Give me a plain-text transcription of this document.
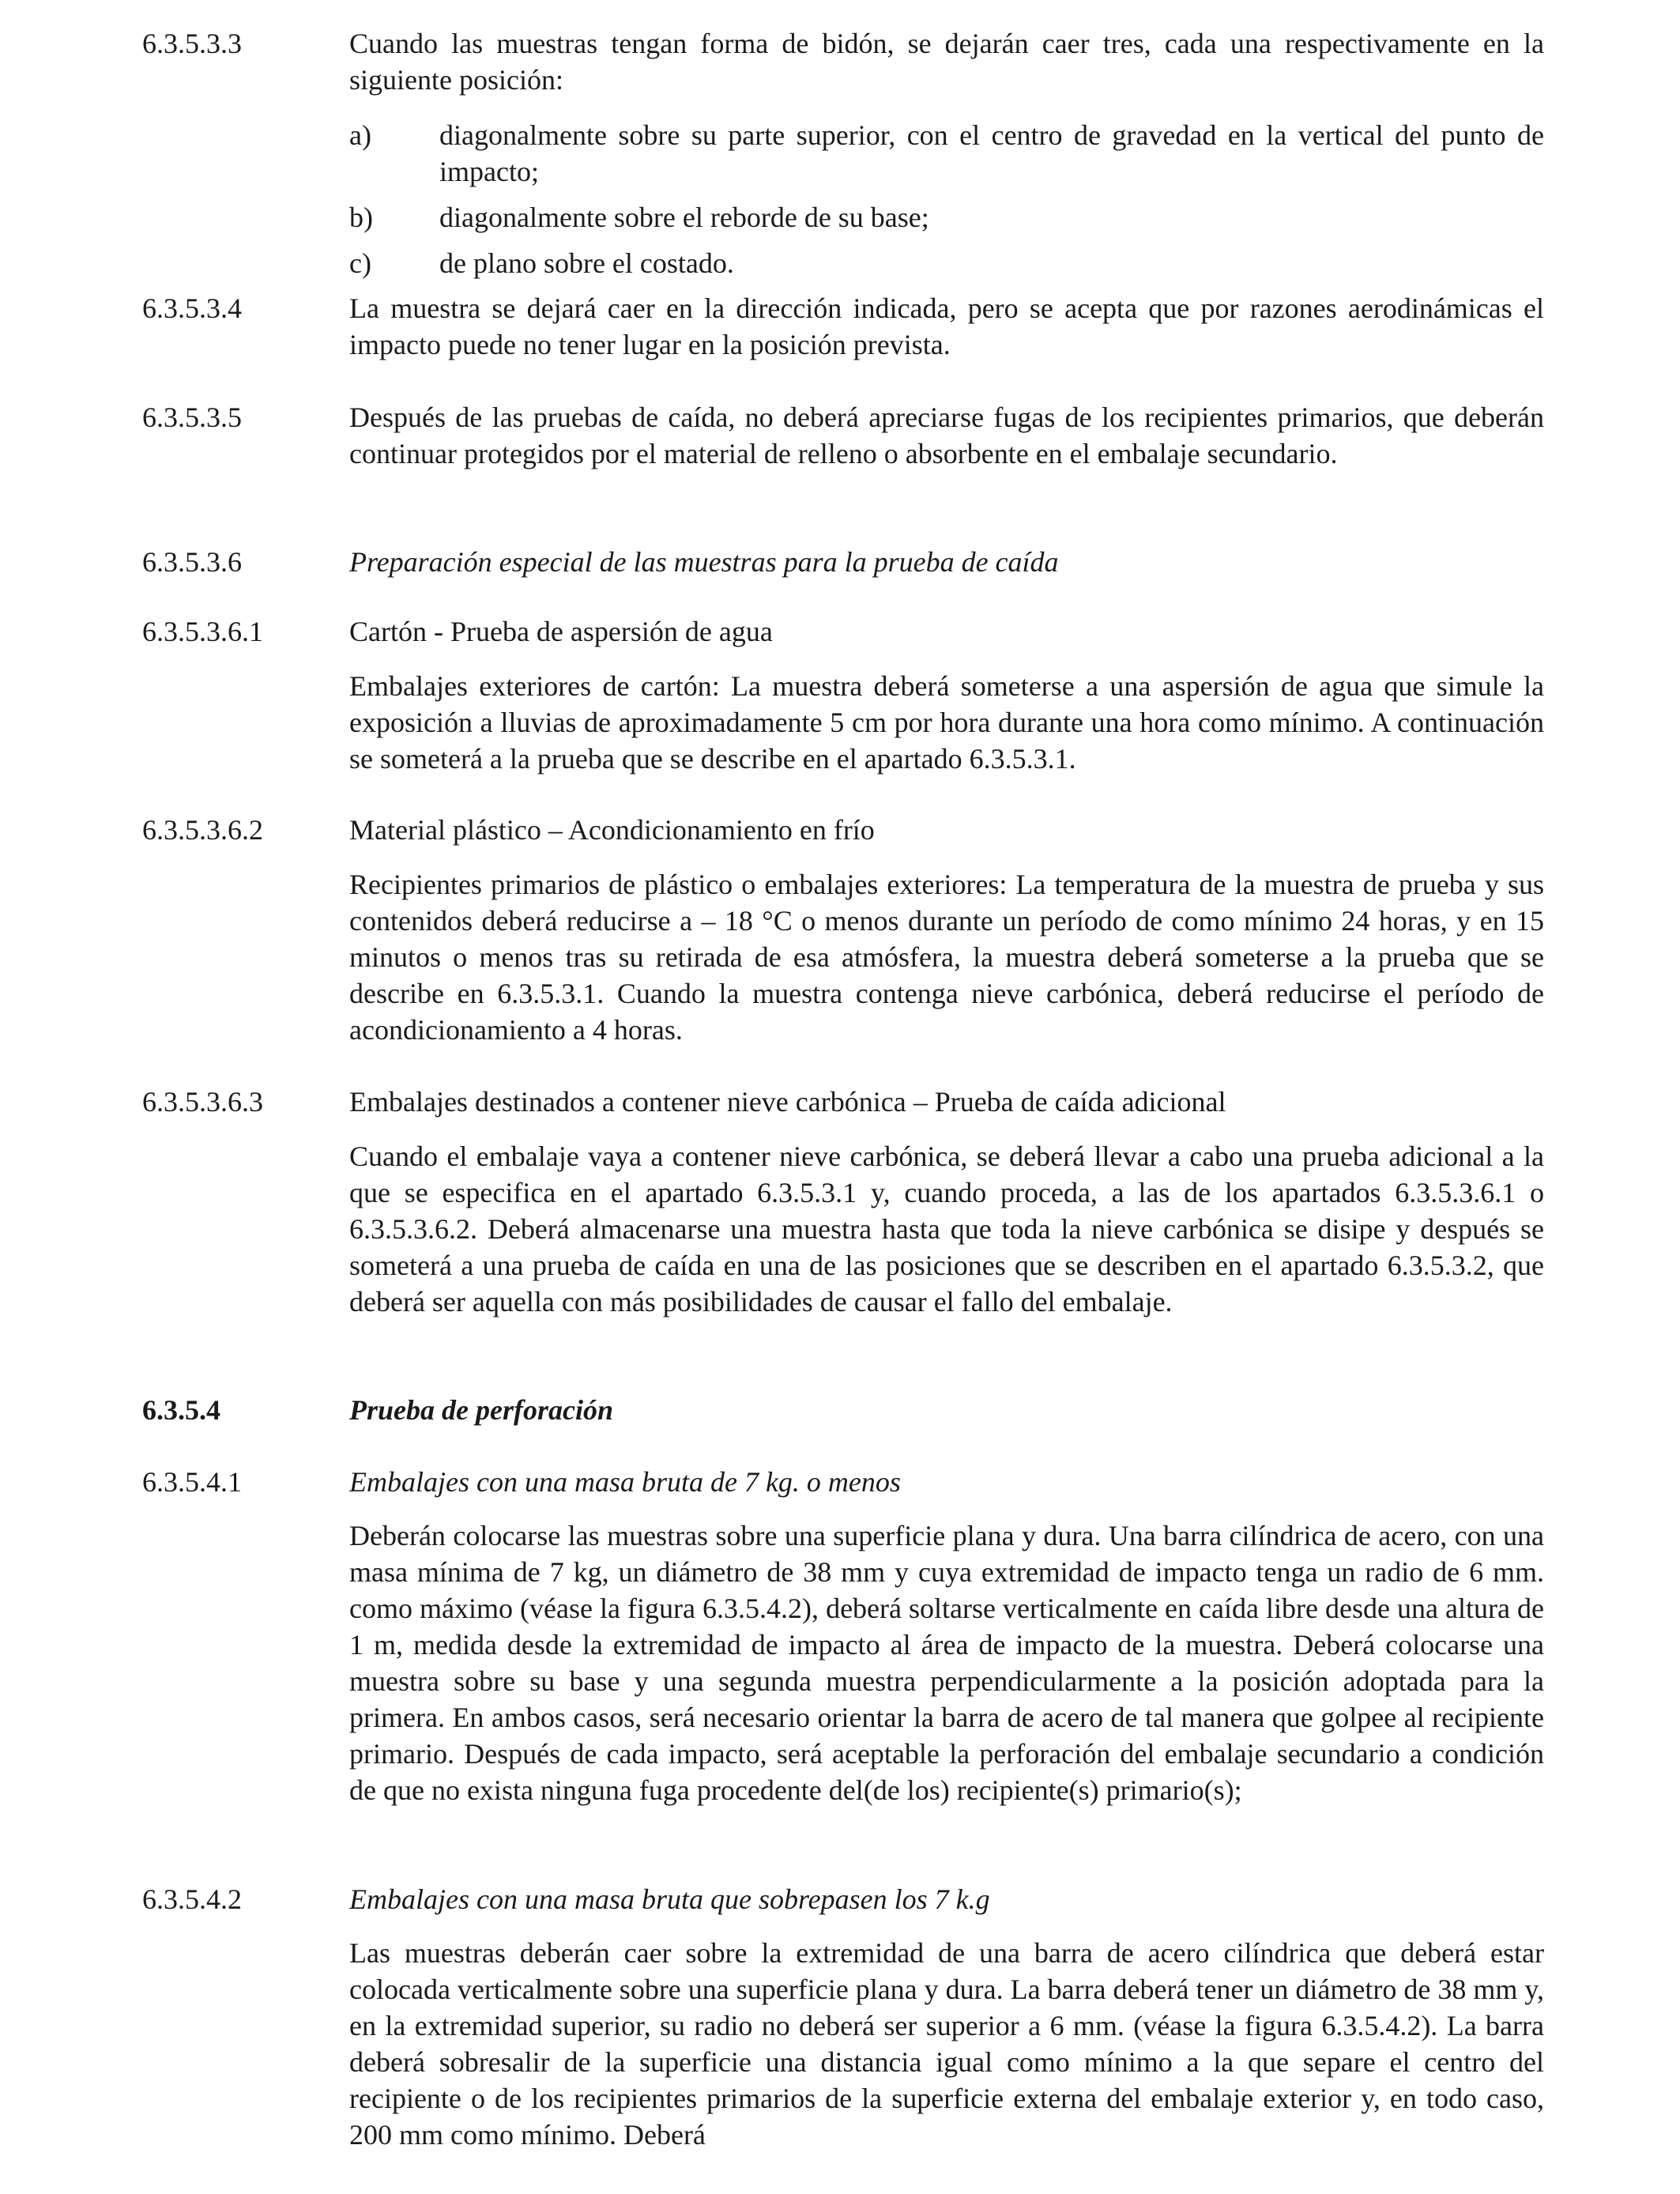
6.3.5.3.3	Cuando las muestras tengan forma de bidón, se dejarán caer tres, cada una respectivamente en la siguiente posición:
a) diagonalmente sobre su parte superior, con el centro de gravedad en la vertical del punto de impacto;
b) diagonalmente sobre el reborde de su base;
c) de plano sobre el costado.
6.3.5.3.4	La muestra se dejará caer en la dirección indicada, pero se acepta que por razones aerodinámicas el impacto puede no tener lugar en la posición prevista.
6.3.5.3.5	Después de las pruebas de caída, no deberá apreciarse fugas de los recipientes primarios, que deberán continuar protegidos por el material de relleno o absorbente en el embalaje secundario.
6.3.5.3.6	Preparación especial de las muestras para la prueba de caída
6.3.5.3.6.1	Cartón - Prueba de aspersión de agua
Embalajes exteriores de cartón: La muestra deberá someterse a una aspersión de agua que simule la exposición a lluvias de aproximadamente 5 cm por hora durante una hora como mínimo. A continuación se someterá a la prueba que se describe en el apartado 6.3.5.3.1.
6.3.5.3.6.2	Material plástico – Acondicionamiento en frío
Recipientes primarios de plástico o embalajes exteriores: La temperatura de la muestra de prueba y sus contenidos deberá reducirse a – 18 °C o menos durante un período de como mínimo 24 horas, y en 15 minutos o menos tras su retirada de esa atmósfera, la muestra deberá someterse a la prueba que se describe en 6.3.5.3.1. Cuando la muestra contenga nieve carbónica, deberá reducirse el período de acondicionamiento a 4 horas.
6.3.5.3.6.3	Embalajes destinados a contener nieve carbónica – Prueba de caída adicional
Cuando el embalaje vaya a contener nieve carbónica, se deberá llevar a cabo una prueba adicional a la que se especifica en el apartado 6.3.5.3.1 y, cuando proceda, a las de los apartados 6.3.5.3.6.1 o 6.3.5.3.6.2. Deberá almacenarse una muestra hasta que toda la nieve carbónica se disipe y después se someterá a una prueba de caída en una de las posiciones que se describen en el apartado 6.3.5.3.2, que deberá ser aquella con más posibilidades de causar el fallo del embalaje.
6.3.5.4	Prueba de perforación
6.3.5.4.1	Embalajes con una masa bruta de 7 kg. o menos
Deberán colocarse las muestras sobre una superficie plana y dura. Una barra cilíndrica de acero, con una masa mínima de 7 kg, un diámetro de 38 mm y cuya extremidad de impacto tenga un radio de 6 mm. como máximo (véase la figura 6.3.5.4.2), deberá soltarse verticalmente en caída libre desde una altura de 1 m, medida desde la extremidad de impacto al área de impacto de la muestra. Deberá colocarse una muestra sobre su base y una segunda muestra perpendicularmente a la posición adoptada para la primera. En ambos casos, será necesario orientar la barra de acero de tal manera que golpee al recipiente primario. Después de cada impacto, será aceptable la perforación del embalaje secundario a condición de que no exista ninguna fuga procedente del(de los) recipiente(s) primario(s);
6.3.5.4.2	Embalajes con una masa bruta que sobrepasen los 7 k.g
Las muestras deberán caer sobre la extremidad de una barra de acero cilíndrica que deberá estar colocada verticalmente sobre una superficie plana y dura. La barra deberá tener un diámetro de 38 mm y, en la extremidad superior, su radio no deberá ser superior a 6 mm. (véase la figura 6.3.5.4.2). La barra deberá sobresalir de la superficie una distancia igual como mínimo a la que separe el centro del recipiente o de los recipientes primarios de la superficie externa del embalaje exterior y, en todo caso, 200 mm como mínimo. Deberá
